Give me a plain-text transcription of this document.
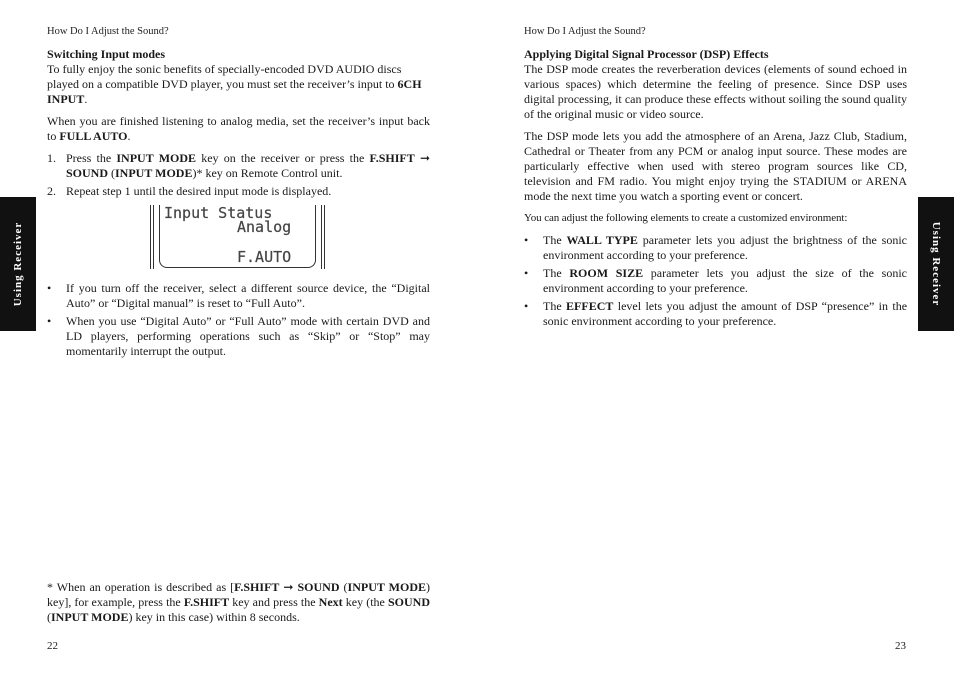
How Do I Adjust the Sound?
Switching Input modes

To fully enjoy the sonic benefits of specially-encoded DVD AUDIO discs played on a compatible DVD player, you must set the receiver’s input to 6CH INPUT.

When you are finished listening to analog media, set the receiver’s input back to FULL AUTO.

1. Press the INPUT MODE key on the receiver or press the F.SHIFT ➞ SOUND (INPUT MODE)* key on Remote Control unit.
2. Repeat step 1 until the desired input mode is displayed.
Input Status
Analog
F.AUTO
• If you turn off the receiver, select a different source device, the “Digital Auto” or “Digital manual” is reset to “Full Auto”.
• When you use “Digital Auto” or “Full Auto” mode with certain DVD and LD players, performing operations such as “Skip” or “Stop” may momentarily interrupt the output.
* When an operation is described as [F.SHIFT ➞ SOUND (INPUT MODE) key], for example, press the F.SHIFT key and press the Next key (the SOUND (INPUT MODE) key in this case) within 8 seconds.
22
Using Receiver
How Do I Adjust the Sound?
Applying Digital Signal Processor (DSP) Effects

The DSP mode creates the reverberation devices (elements of sound echoed in various spaces) which determine the feeling of presence. Since DSP uses digital processing, it can produce these effects without soiling the sound quality of the original music or video source.

The DSP mode lets you add the atmosphere of an Arena, Jazz Club, Stadium, Cathedral or Theater from any PCM or analog input source. These modes are particularly effective when used with stereo program sources like CD, television and FM radio. You might enjoy trying the STADIUM or ARENA mode the next time you watch a sporting event or concert.

You can adjust the following elements to create a customized environment:

• The WALL TYPE parameter lets you adjust the brightness of the sonic environment according to your preference.
• The ROOM SIZE parameter lets you adjust the size of the sonic environment according to your preference.
• The EFFECT level lets you adjust the amount of DSP “presence” in the sonic environment according to your preference.
23
Using Receiver
